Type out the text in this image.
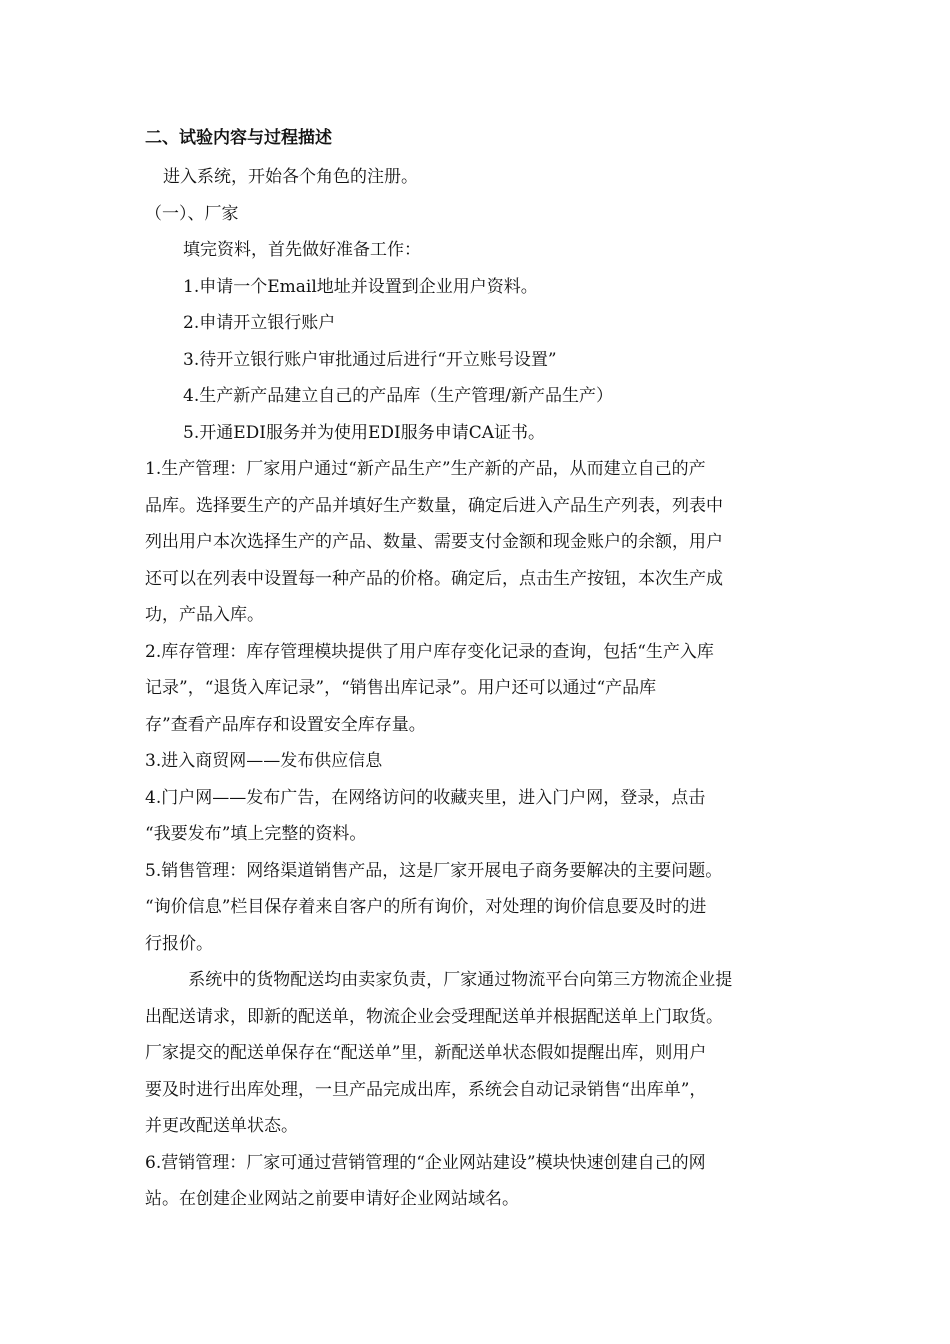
二、试验内容与过程描述
进入系统，开始各个角色的注册。
（一）、厂家
填完资料，首先做好准备工作：
1.申请一个Email地址并设置到企业用户资料。
2.申请开立银行账户
3.待开立银行账户审批通过后进行“开立账号设置”
4.生产新产品建立自己的产品库（生产管理/新产品生产）
5.开通EDI服务并为使用EDI服务申请CA证书。
1.生产管理：厂家用户通过“新产品生产”生产新的产品，从而建立自己的产
品库。选择要生产的产品并填好生产数量，确定后进入产品生产列表，列表中
列出用户本次选择生产的产品、数量、需要支付金额和现金账户的余额，用户
还可以在列表中设置每一种产品的价格。确定后，点击生产按钮，本次生产成
功，产品入库。
2.库存管理：库存管理模块提供了用户库存变化记录的查询，包括“生产入库
记录”，“退货入库记录”，“销售出库记录”。用户还可以通过“产品库
存”查看产品库存和设置安全库存量。
3.进入商贸网——发布供应信息
4.门户网——发布广告，在网络访问的收藏夹里，进入门户网，登录，点击
“我要发布”填上完整的资料。
5.销售管理：网络渠道销售产品，这是厂家开展电子商务要解决的主要问题。
“询价信息”栏目保存着来自客户的所有询价，对处理的询价信息要及时的进
行报价。
系统中的货物配送均由卖家负责，厂家通过物流平台向第三方物流企业提
出配送请求，即新的配送单，物流企业会受理配送单并根据配送单上门取货。
厂家提交的配送单保存在“配送单”里，新配送单状态假如提醒出库，则用户
要及时进行出库处理，一旦产品完成出库，系统会自动记录销售“出库单”，
并更改配送单状态。
6.营销管理：厂家可通过营销管理的“企业网站建设”模块快速创建自己的网
站。在创建企业网站之前要申请好企业网站域名。
